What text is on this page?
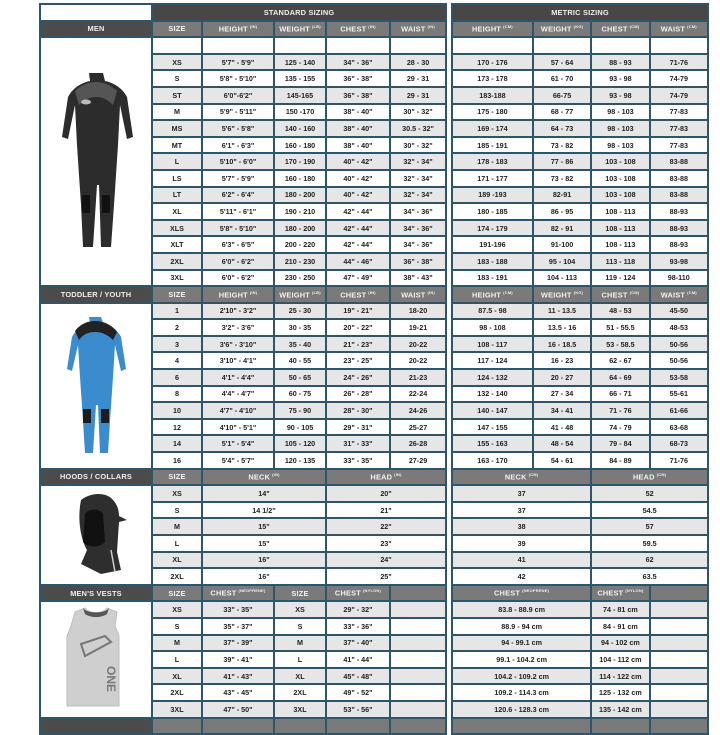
	STANDARD SIZING				
MEN	SIZE	HEIGHT $^{(IN)}$	WEIGHT $^{(LB)}$	CHEST $^{(IN)}$	WAIST $^{(IN)}$

	XS	5'7" - 5'9"	125 - 140	34" - 36"	28 - 30
	S	5'8" - 5'10"	135 - 155	36" - 38"	29 - 31
	ST	6'0"-6'2"	145-165	36" - 38"	29 - 31
	M	5'9" - 5'11"	150 -170	38" - 40"	30" - 32"
	MS	5'6" - 5'8"	140 - 160	38" - 40"	30.5 - 32"
	MT	6'1" - 6'3"	160 - 180	38" - 40"	30" - 32"
	L	5'10" - 6'0"	170 - 190	40" - 42"	32" - 34"
	LS	5'7" - 5'9"	160 - 180	40" - 42"	32" - 34"
	LT	6'2" - 6'4"	180 - 200	40" - 42"	32" - 34"
	XL	5'11" - 6'1"	190 - 210	42" - 44"	34" - 36"
	XLS	5'8" - 5'10"	180 - 200	42" - 44"	34" - 36"
	XLT	6'3" - 6'5"	200 - 220	42" - 44"	34" - 36"
	2XL	6'0" - 6'2"	210 - 230	44" - 46"	36" - 38"
	3XL	6'0" - 6'2"	230 - 250	47" - 49"	38" - 43"
TODDLER / YOUTH	SIZE	HEIGHT $^{(IN)}$	WEIGHT $^{(LB)}$	CHEST $^{(IN)}$	WAIST $^{(IN)}$

	1	2'10" - 3'2"	25 - 30	19" - 21"	18-20
	2	3'2" - 3'6"	30 - 35	20" - 22"	19-21
	3	3'6" - 3'10"	35 - 40	21" - 23"	20-22
	4	3'10" - 4'1"	40 - 55	23" - 25"	20-22
	6	4'1" - 4'4"	50 - 65	24" - 26"	21-23
	8	4'4" - 4'7"	60 - 75	26" - 28"	22-24
	10	4'7" - 4'10"	75 - 90	28" - 30"	24-26
	12	4'10" - 5'1"	90 - 105	29" - 31"	25-27
	14	5'1" - 5'4"	105 - 120	31" - 33"	26-28
	16	5'4" - 5'7"	120 - 135	33" - 35"	27-29
HOODS / COLLARS	SIZE	NECK $^{(IN)}$		HEAD $^{(IN)}$

	XS	14"		20"	
	S	14 1/2"		21"	
	M	15"		22"	
	L	15"		23"	
	XL	16"		24"	
	2XL	16"		25"	
MEN'S VESTS	SIZE	CHEST $^{(NEOPRENE)}$	SIZE	CHEST $^{(NYLON)}$	

ONE	XS	33" - 35"	XS	29" - 32"	
	S	35" - 37"	S	33" - 36"	
	M	37" - 39"	M	37" - 40"	
	L	39" - 41"	L	41" - 44"	
	XL	41" - 43"	XL	45" - 48"	
	2XL	43" - 45"	2XL	49" - 52"	
	3XL	47" - 50"	3XL	53" - 56"	

METRIC SIZING			
HEIGHT $^{(CM)}$	WEIGHT $^{(KG)}$	CHEST $^{(CM)}$	WAIST $^{(CM)}$

170 - 176	57 - 64	88 - 93	71-76
173 - 178	61 - 70	93 - 98	74-79
183-188	66-75	93 - 98	74-79
175 - 180	68 - 77	98 - 103	77-83
169 - 174	64 - 73	98 - 103	77-83
185 - 191	73 - 82	98 - 103	77-83
178 - 183	77 - 86	103 - 108	83-88
171 - 177	73 - 82	103 - 108	83-88
189 -193	82-91	103 - 108	83-88
180 - 185	86 - 95	108 - 113	88-93
174 - 179	82 - 91	108 - 113	88-93
191-196	91-100	108 - 113	88-93
183 - 188	95 - 104	113 - 118	93-98
183 - 191	104 - 113	119 - 124	98-110
HEIGHT $^{(CM)}$	WEIGHT $^{(KG)}$	CHEST $^{(CM)}$	WAIST $^{(CM)}$
87.5 - 98	11 - 13.5	48 - 53	45-50
98 - 108	13.5 - 16	51 - 55.5	48-53
108 - 117	16 - 18.5	53 - 58.5	50-56
117 - 124	16 - 23	62 - 67	50-56
124 - 132	20 - 27	64 - 69	53-58
132 - 140	27 - 34	66 - 71	55-61
140 - 147	34 - 41	71 - 76	61-66
147 - 155	41 - 48	74 - 79	63-68
155 - 163	48 - 54	79 - 84	68-73
163 - 170	54 - 61	84 - 89	71-76
NECK $^{(CM)}$		HEAD $^{(CM)}$
37		52	
37		54.5	
38		57	
39		59.5	
41		62	
42		63.5	
CHEST $^{(NEOPRENE)}$		CHEST $^{(NYLON)}$	
83.8 - 88.9 cm		74 - 81 cm	
88.9 - 94 cm		84 - 91 cm	
94 - 99.1 cm		94 - 102 cm	
99.1 - 104.2 cm		104 - 112 cm	
104.2 - 109.2 cm		114 - 122 cm	
109.2 - 114.3 cm		125 - 132 cm	
120.6 - 128.3 cm		135 - 142 cm	
